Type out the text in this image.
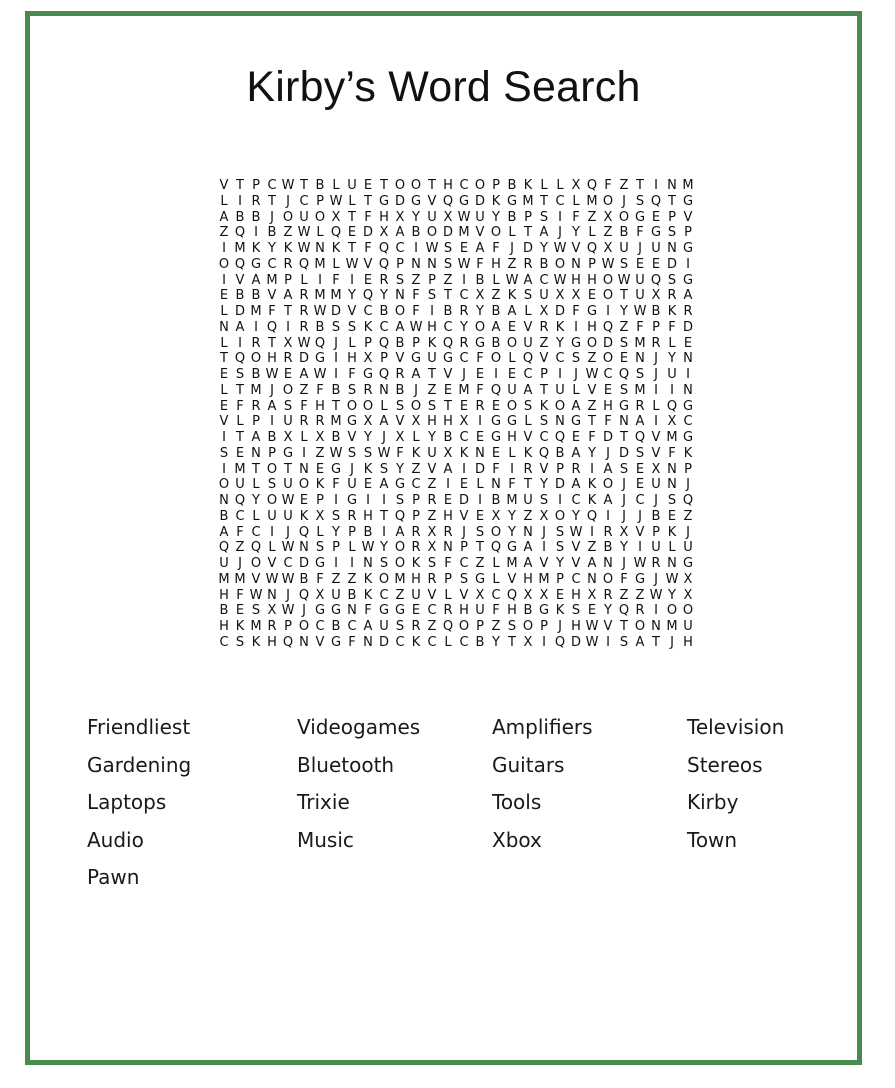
Kirby’s Word Search
V T P C W T B L U E T O O T H C O P B K L L X Q F Z T I N M
L I R T J C P W L T G D G V Q G D K G M T C L M O J S Q T G
A B B J O U O X T F H X Y U X W U Y B P S I F Z X O G E P V
Z Q I B Z W L Q E D X A B O D M V O L T A J Y L Z B F G S P
I M K Y K W N K T F Q C I W S E A F J D Y W V Q X U J U N G
O Q G C R Q M L W V Q P N N S W F H Z R B O N P W S E E D I
I V A M P L I F I E R S Z P Z I B L W A C W H H O W U Q S G
E B B V A R M M Y Q Y N F S T C X Z K S U X X E O T U X R A
L D M F T R W D V C B O F I B R Y B A L X D F G I Y W B K R
N A I Q I R B S S K C A W H C Y O A E V R K I H Q Z F P F D
L I R T X W Q J L P Q B P K Q R G B O U Z Y G O D S M R L E
T Q O H R D G I H X P V G U G C F O L Q V C S Z O E N J Y N
E S B W E A W I F G Q R A T V J E I E C P I J W C Q S J U I
L T M J O Z F B S R N B J Z E M F Q U A T U L V E S M I I N
E F R A S F H T O O L S O S T E R E O S K O A Z H G R L Q G
V L P I U R R M G X A V X H H X I G G L S N G T F N A I X C
I T A B X L X B V Y J X L Y B C E G H V C Q E F D T Q V M G
S E N P G I Z W S S W F K U X K N E L K Q B A Y J D S V F K
I M T O T N E G J K S Y Z V A I D F I R V P R I A S E X N P
O U L S U O K F U E A G C Z I E L N F T Y D A K O J E U N J
N Q Y O W E P I G I I S P R E D I B M U S I C K A J C J S Q
B C L U U K X S R H T Q P Z H V E X Y Z X O Y Q I J J B E Z
A F C I J Q L Y P B I A R X R J S O Y N J S W I R X V P K J
Q Z Q L W N S P L W Y O R X N P T Q G A I S V Z B Y I U L U
U J O V C D G I I N S O K S F C Z L M A V Y V A N J W R N G
M M V W W B F Z Z K O M H R P S G L V H M P C N O F G J W X
H F W N J Q X U B K C Z U V L V X C Q X X E H X R Z Z W Y X
B E S X W J G G N F G G E C R H U F H B G K S E Y Q R I O O
H K M R P O C B C A U S R Z Q O P Z S O P J H W V T O N M U
C S K H Q N V G F N D C K C L C B Y T X I Q D W I S A T J H
Friendliest	Videogames	Amplifiers	Television
Gardening	Bluetooth	Guitars	Stereos
Laptops	Trixie	Tools	Kirby
Audio	Music	Xbox	Town
Pawn
